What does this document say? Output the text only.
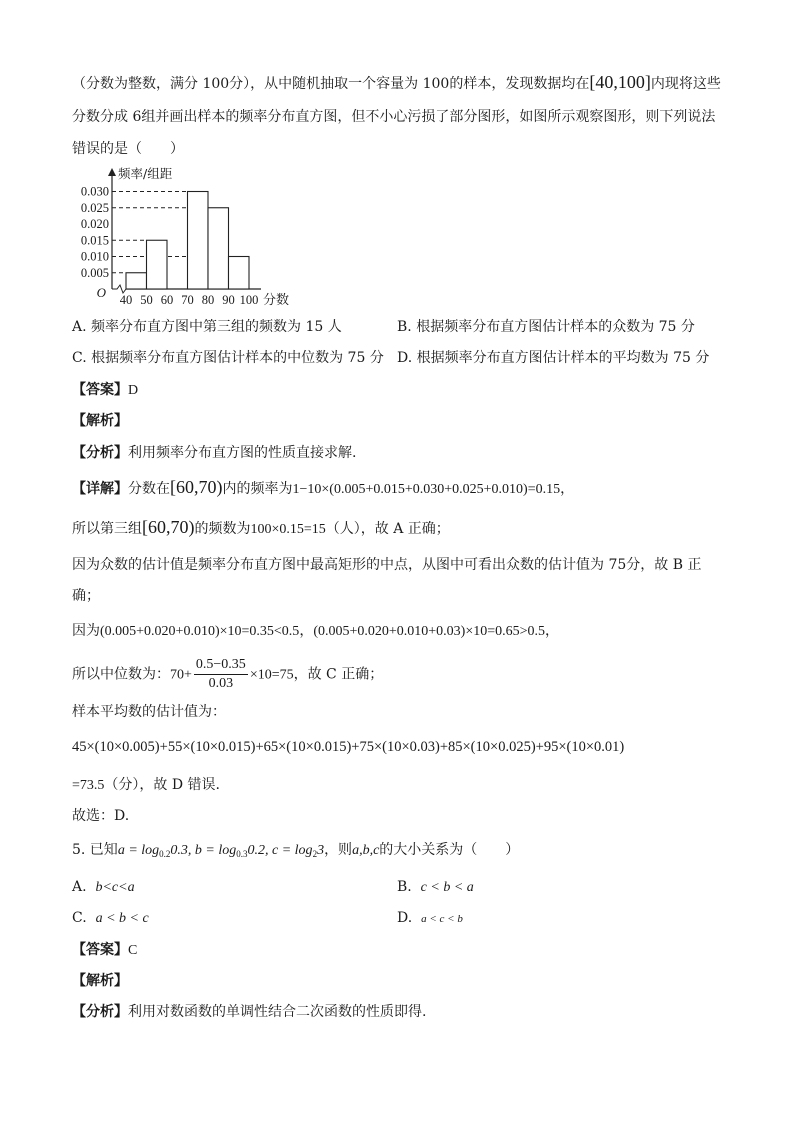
（分数为整数，满分 100分），从中随机抽取一个容量为 100的样本，发现数据均在[40,100]内现将这些
分数分成 6组并画出样本的频率分布直方图，但不小心污损了部分图形，如图所示观察图形，则下列说法
错误的是（　　）
0.005
0.010
0.015
0.020
0.025
0.030
40 50 60 70 80 90 100
O
频率/组距
分数
A. 频率分布直方图中第三组的频数为 15 人	B. 根据频率分布直方图估计样本的众数为 75 分
C. 根据频率分布直方图估计样本的中位数为 75 分 D. 根据频率分布直方图估计样本的平均数为 75 分
【答案】D
【解析】
【分析】利用频率分布直方图的性质直接求解.
【详解】分数在[60,70)内的频率为1−10×(0.005+0.015+0.030+0.025+0.010)=0.15，
所以第三组[60,70)的频数为100×0.15=15（人），故 A 正确；
因为众数的估计值是频率分布直方图中最高矩形的中点，从图中可看出众数的估计值为 75分，故 B 正
确；
因为(0.005+0.020+0.010)×10=0.35<0.5，(0.005+0.020+0.010+0.03)×10=0.65>0.5，
所以中位数为：$70+ \frac{0.5-0.35}{0.03} \times 10=75$，故 C 正确；
样本平均数的估计值为：
45×(10×0.005)+55×(10×0.015)+65×(10×0.015)+75×(10×0.03)+85×(10×0.025)+95×(10×0.01)
=73.5（分），故 D 错误.
故选：D.
5. 已知$a = \log_{0.2}0.3$, $b = \log_{0.3}0.2$, $c = \log_23$，则a,b,c的大小关系为（　　）
A. b<c<a	B. c < b < a
C. a < b < c	D. a < c < b
【答案】C
【解析】
【分析】利用对数函数的单调性结合二次函数的性质即得.
